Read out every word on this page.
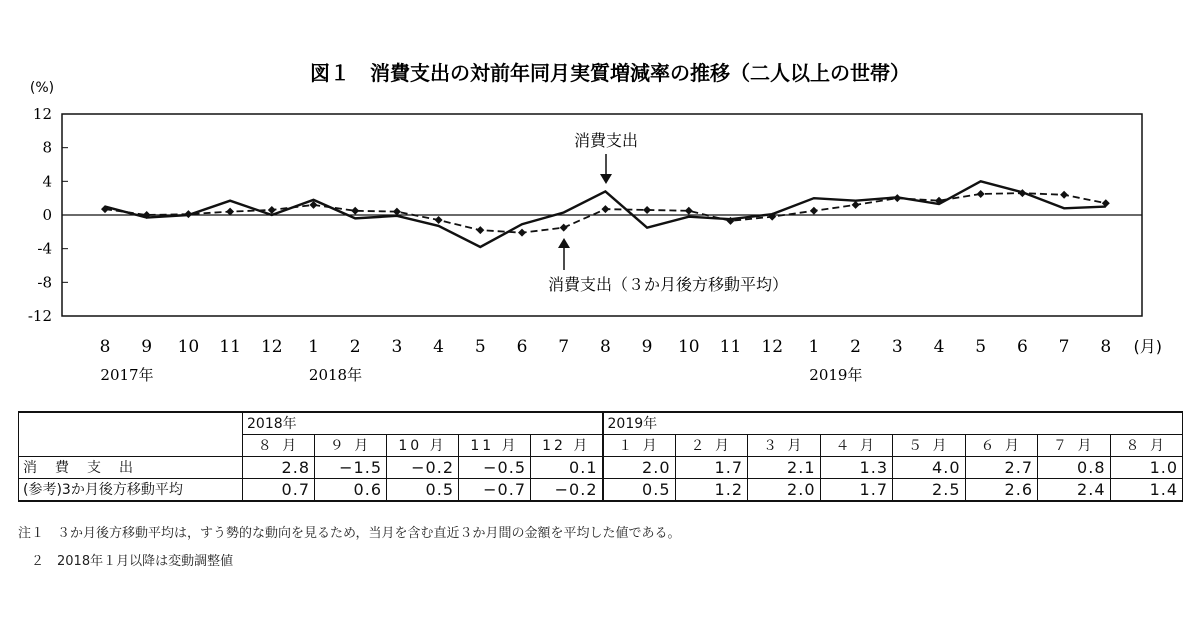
図１　消費支出の対前年同月実質増減率の推移（二人以上の世帯）
(%)
12
8
4
0
-4
-8
-12
8 9 10 11 12 1 2 3 4 5 6 7 8 9 10 11 12 1 2 3 4 5 6 7 8 (月)
2017年	2018年	2019年
消費支出
消費支出（３か月後方移動平均）
	2018年					2019年							
	８ 月	９ 月	10 月	11 月	12 月	１ 月	２ 月	３ 月	４ 月	５ 月	６ 月	７ 月	８ 月
消費支出	2.8	−1.5	−0.2	−0.5	0.1	2.0	1.7	2.1	1.3	4.0	2.7	0.8	1.0
(参考)3か月後方移動平均	0.7	0.6	0.5	−0.7	−0.2	0.5	1.2	2.0	1.7	2.5	2.6	2.4	1.4
注１　３か月後方移動平均は，すう勢的な動向を見るため，当月を含む直近３か月間の金額を平均した値である。
　２　2018年１月以降は変動調整値
